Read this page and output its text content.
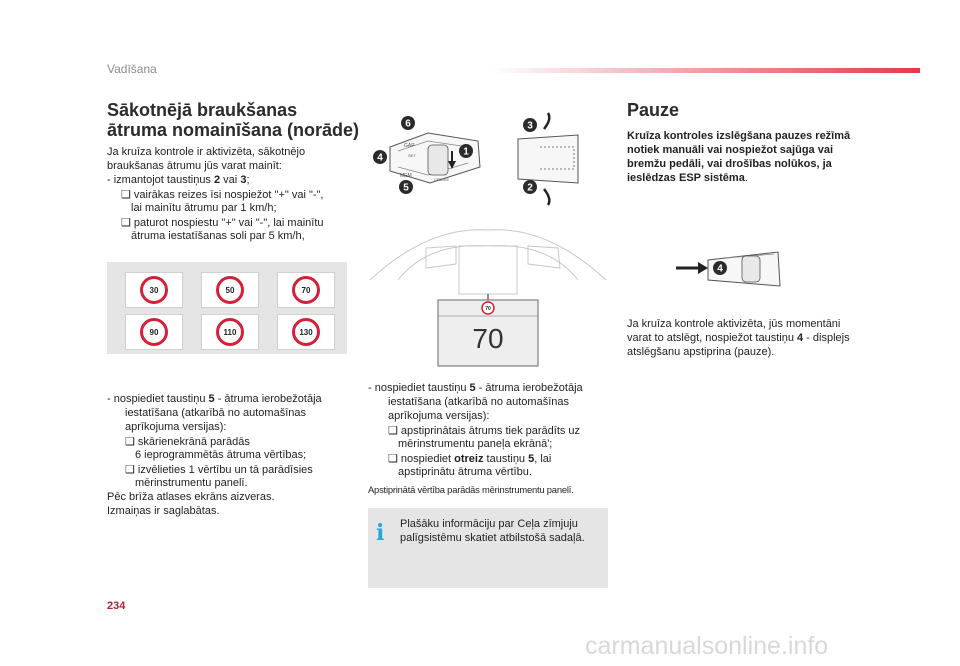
Vadīšana
Sākotnējā braukšanas
ātruma nomainīšana (norāde)
Ja kruīza kontrole ir aktivizēta, sākotnējo
braukšanas ātrumu jūs varat mainīt:
- izmantojot taustiņus 2 vai 3;
❑ vairākas reizes īsi nospiežot "+" vai "-",
lai mainītu ātrumu par 1 km/h;
❑ paturot nospiestu "+" vai "-", lai mainītu
ātruma iestatīšanas soli par 5 km/h,
30	50	70
90	110	130
- nospiediet taustiņu 5 - ātruma ierobežotāja
iestatīšana (atkarībā no automašīnas
aprīkojuma versijas):
❑ skārienekrānā parādās
6 ieprogrammētās ātruma vērtības;
❑ izvēlieties 1 vērtību un tā parādīsies
mērinstrumentu panelī.
Pēc brīža atlases ekrāns aizveras.
Izmaiņas ir saglabātas.
GAP
SET
MEM
CRUISE
6	3
4
1
5	2
70
70
- nospiediet taustiņu 5 - ātruma ierobežotāja
iestatīšana (atkarībā no automašīnas
aprīkojuma versijas):
❑ apstiprinātais ātrums tiek parādīts uz
mērinstrumentu paneļa ekrānā';
❑ nospiediet otreiz taustiņu 5, lai
apstiprinātu ātruma vērtību.
Apstiprinātā vērtība parādās mērinstrumentu panelī.
i	Plašāku informāciju par Ceļa zīmjuju
palīgsistēmu skatiet atbilstošā sadaļā.
Pauze
Kruīza kontroles izslēgšana pauzes režīmā
notiek manuāli vai nospiežot sajūga vai
bremžu pedāli, vai drošības nolūkos, ja
ieslēdzas ESP sistēma.
4
Ja kruīza kontrole aktivizēta, jūs momentāni
varat to atslēgt, nospiežot taustiņu 4 - displejs
atslēgšanu apstiprina (pauze).
234
carmanualsonline.info
